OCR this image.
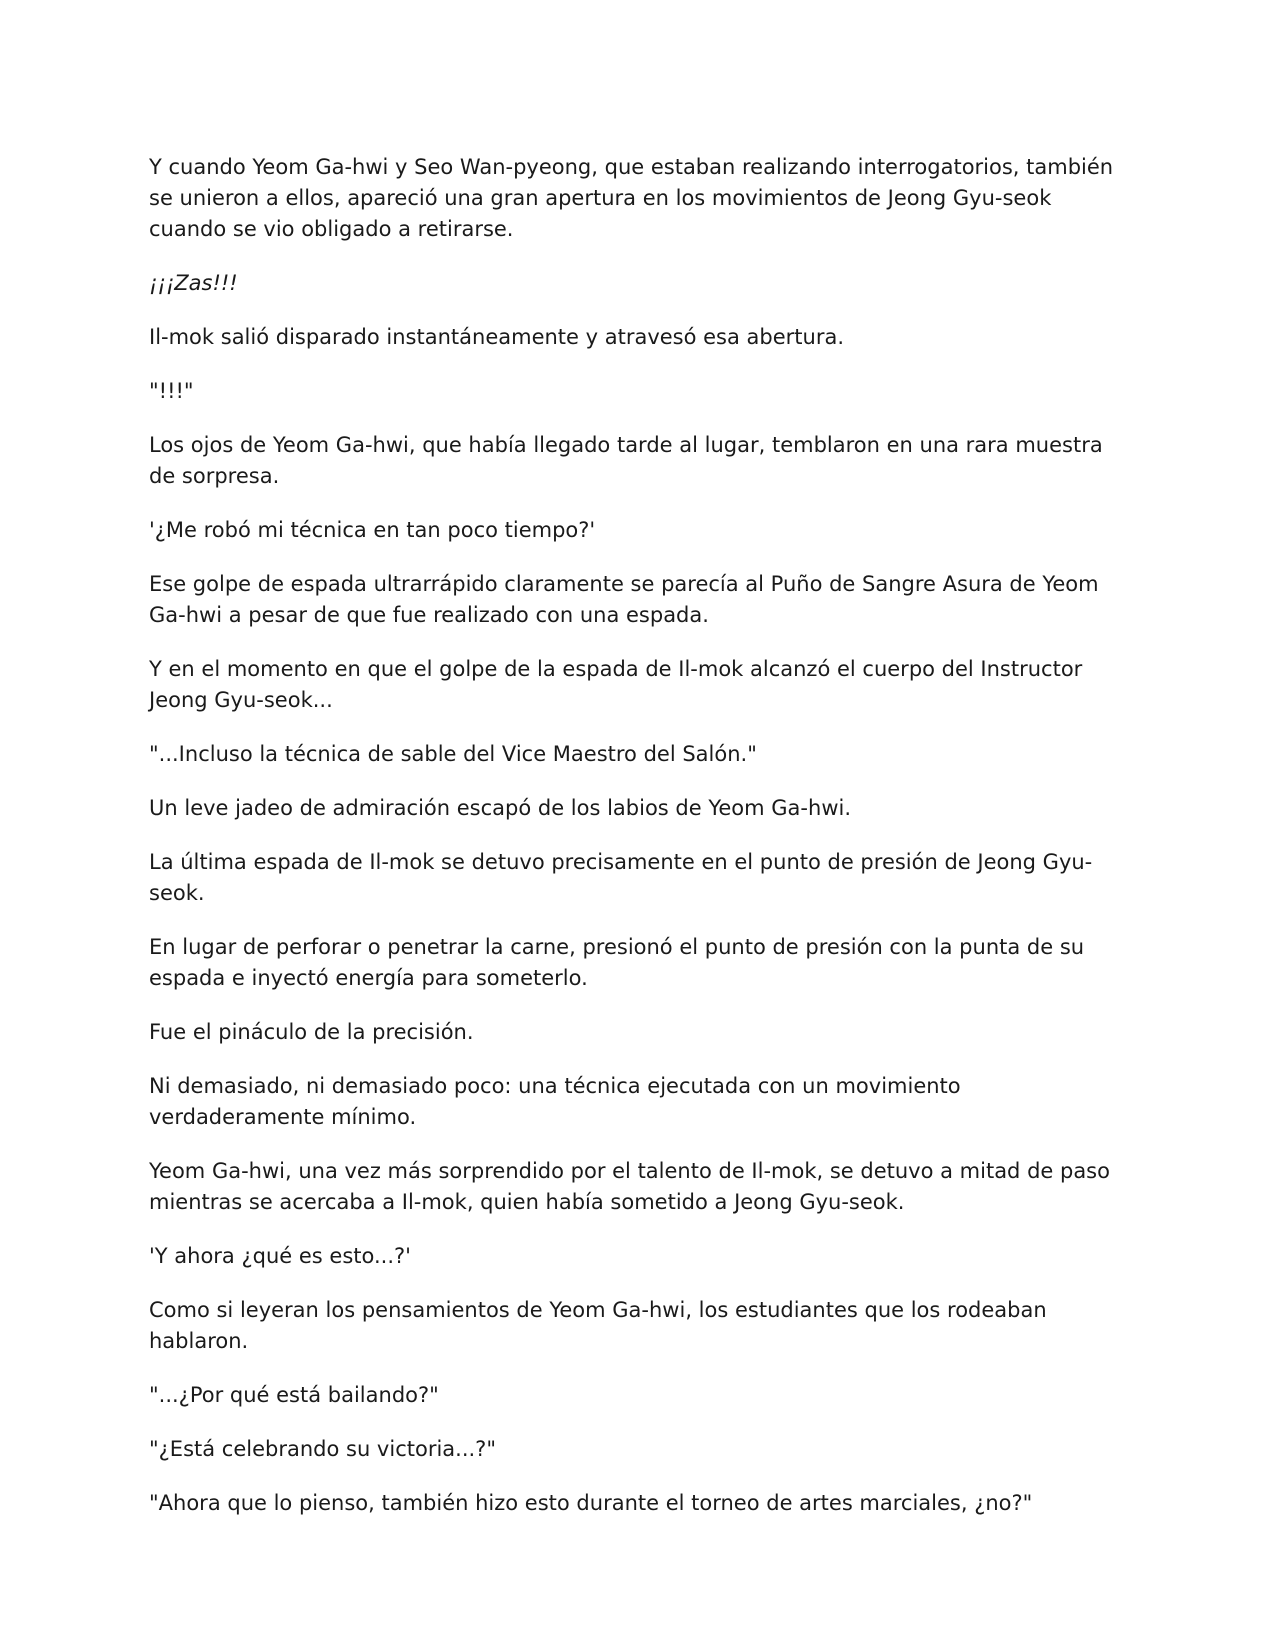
Y cuando Yeom Ga-hwi y Seo Wan-pyeong, que estaban realizando interrogatorios, también se unieron a ellos, apareció una gran apertura en los movimientos de Jeong Gyu-seok cuando se vio obligado a retirarse.

¡¡¡Zas!!!

Il-mok salió disparado instantáneamente y atravesó esa abertura.

"!!!"

Los ojos de Yeom Ga-hwi, que había llegado tarde al lugar, temblaron en una rara muestra de sorpresa.

'¿Me robó mi técnica en tan poco tiempo?'

Ese golpe de espada ultrarrápido claramente se parecía al Puño de Sangre Asura de Yeom Ga-hwi a pesar de que fue realizado con una espada.

Y en el momento en que el golpe de la espada de Il-mok alcanzó el cuerpo del Instructor Jeong Gyu-seok...

"...Incluso la técnica de sable del Vice Maestro del Salón."

Un leve jadeo de admiración escapó de los labios de Yeom Ga-hwi.

La última espada de Il-mok se detuvo precisamente en el punto de presión de Jeong Gyu-seok.

En lugar de perforar o penetrar la carne, presionó el punto de presión con la punta de su espada e inyectó energía para someterlo.

Fue el pináculo de la precisión.

Ni demasiado, ni demasiado poco: una técnica ejecutada con un movimiento verdaderamente mínimo.

Yeom Ga-hwi, una vez más sorprendido por el talento de Il-mok, se detuvo a mitad de paso mientras se acercaba a Il-mok, quien había sometido a Jeong Gyu-seok.

'Y ahora ¿qué es esto...?'

Como si leyeran los pensamientos de Yeom Ga-hwi, los estudiantes que los rodeaban hablaron.

"...¿Por qué está bailando?"

"¿Está celebrando su victoria...?"

"Ahora que lo pienso, también hizo esto durante el torneo de artes marciales, ¿no?"
